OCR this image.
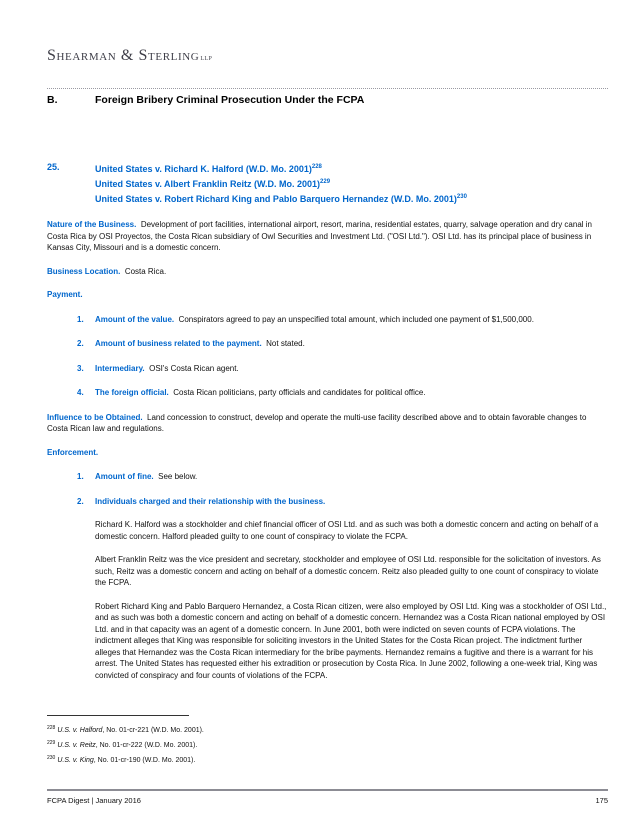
Shearman & Sterlingllp
B.	Foreign Bribery Criminal Prosecution Under the FCPA
25.	United States v. Richard K. Halford (W.D. Mo. 2001)$^{228}$
United States v. Albert Franklin Reitz (W.D. Mo. 2001)$^{229}$
United States v. Robert Richard King and Pablo Barquero Hernandez (W.D. Mo. 2001)$^{230}$

Nature of the Business. Development of port facilities, international airport, resort, marina, residential estates, quarry, salvage operation and dry canal in Costa Rica by OSI Proyectos, the Costa Rican subsidiary of Owl Securities and Investment Ltd. ("OSI Ltd."). OSI Ltd. has its principal place of business in Kansas City, Missouri and is a domestic concern.

Business Location. Costa Rica.

Payment.

1.	Amount of the value. Conspirators agreed to pay an unspecified total amount, which included one payment of $1,500,000.

2.	Amount of business related to the payment. Not stated.

3.	Intermediary. OSI's Costa Rican agent.

4.	The foreign official. Costa Rican politicians, party officials and candidates for political office.

Influence to be Obtained. Land concession to construct, develop and operate the multi-use facility described above and to obtain favorable changes to Costa Rican law and regulations.

Enforcement.

1.	Amount of fine. See below.

2.	Individuals charged and their relationship with the business.

Richard K. Halford was a stockholder and chief financial officer of OSI Ltd. and as such was both a domestic concern and acting on behalf of a domestic concern. Halford pleaded guilty to one count of conspiracy to violate the FCPA.

Albert Franklin Reitz was the vice president and secretary, stockholder and employee of OSI Ltd. responsible for the solicitation of investors. As such, Reitz was a domestic concern and acting on behalf of a domestic concern. Reitz also pleaded guilty to one count of conspiracy to violate the FCPA.

Robert Richard King and Pablo Barquero Hernandez, a Costa Rican citizen, were also employed by OSI Ltd. King was a stockholder of OSI Ltd., and as such was both a domestic concern and acting on behalf of a domestic concern. Hernandez was a Costa Rican national employed by OSI Ltd. and in that capacity was an agent of a domestic concern. In June 2001, both were indicted on seven counts of FCPA violations. The indictment alleges that King was responsible for soliciting investors in the United States for the Costa Rican project. The indictment further alleges that Hernandez was the Costa Rican intermediary for the bribe payments. Hernandez remains a fugitive and there is a warrant for his arrest. The United States has requested either his extradition or prosecution by Costa Rica. In June 2002, following a one-week trial, King was convicted of conspiracy and four counts of violations of the FCPA.

$^{228}$ U.S. v. Halford, No. 01-cr-221 (W.D. Mo. 2001).
$^{229}$ U.S. v. Reitz, No. 01-cr-222 (W.D. Mo. 2001).
$^{230}$ U.S. v. King, No. 01-cr-190 (W.D. Mo. 2001).
FCPA Digest | January 2016	175
